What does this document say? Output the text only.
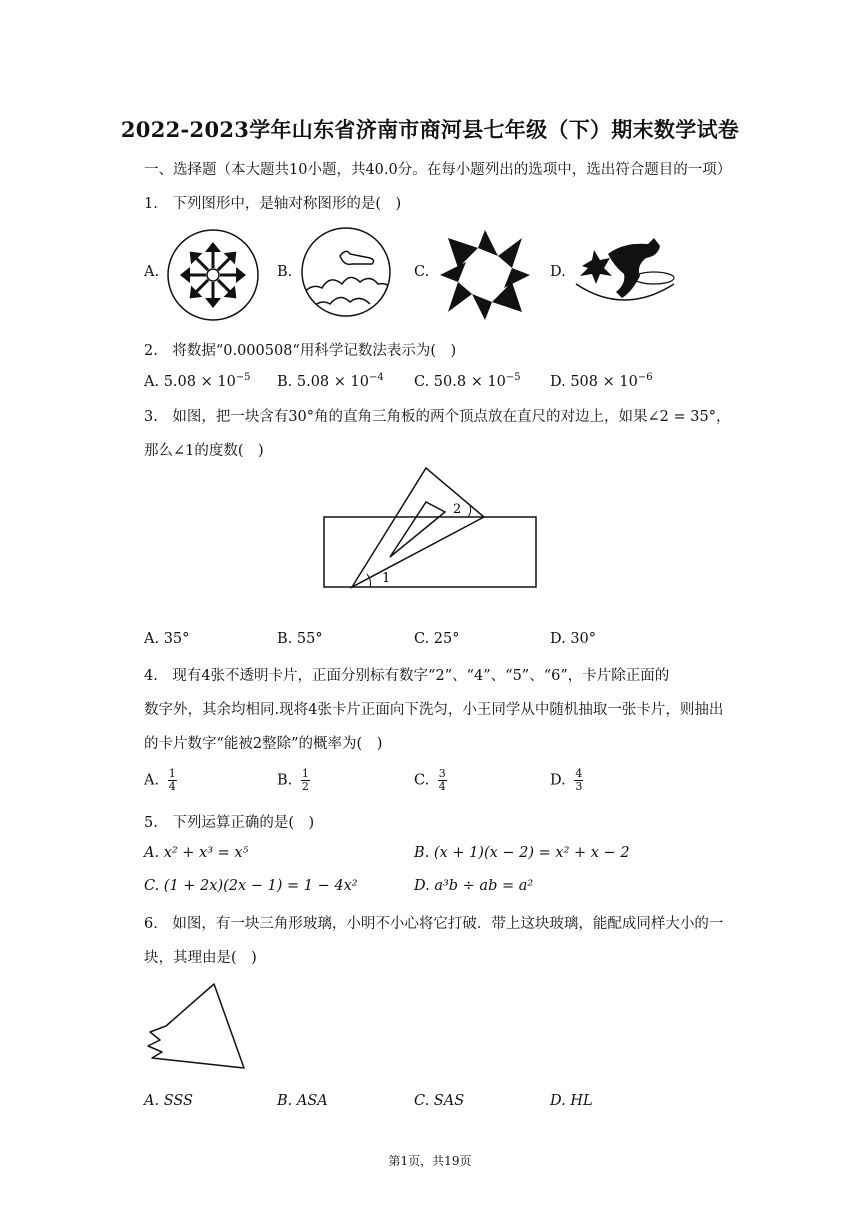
2022-2023学年山东省济南市商河县七年级（下）期末数学试卷
一、选择题（本大题共10小题，共40.0分。在每小题列出的选项中，选出符合题目的一项）
1.　下列图形中，是轴对称图形的是(　)
A.	B.	C.	D.
2.　将数据“0.000508“用科学记数法表示为(　)
A. $5.08 \times 10^{-5}$ B. $5.08 \times 10^{-4}$ C. $50.8 \times 10^{-5}$ D. $508 \times 10^{-6}$
3.　如图，把一块含有30°角的直角三角板的两个顶点放在直尺的对边上，如果∠2 = 35°，
那么∠1的度数(　)
2
1
A. 35°	B. 55°	C. 25°	D. 30°
4.　现有4张不透明卡片，正面分别标有数字“2”、“4”、“5”、“6”，卡片除正面的
数字外，其余均相同.现将4张卡片正面向下洗匀，小王同学从中随机抽取一张卡片，则抽出
的卡片数字“能被2整除”的概率为(　)
A. $\frac{1}{4}$	B. $\frac{1}{2}$	C. $\frac{3}{4}$	D. $\frac{4}{3}$
5.　下列运算正确的是(　)
A. x² + x³ = x⁵	B. (x + 1)(x − 2) = x² + x − 2
C. (1 + 2x)(2x − 1) = 1 − 4x²	D. a³b ÷ ab = a²
6.　如图，有一块三角形玻璃，小明不小心将它打破．带上这块玻璃，能配成同样大小的一
块，其理由是(　)
A. SSS	B. ASA	C. SAS	D. HL
第1页，共19页
